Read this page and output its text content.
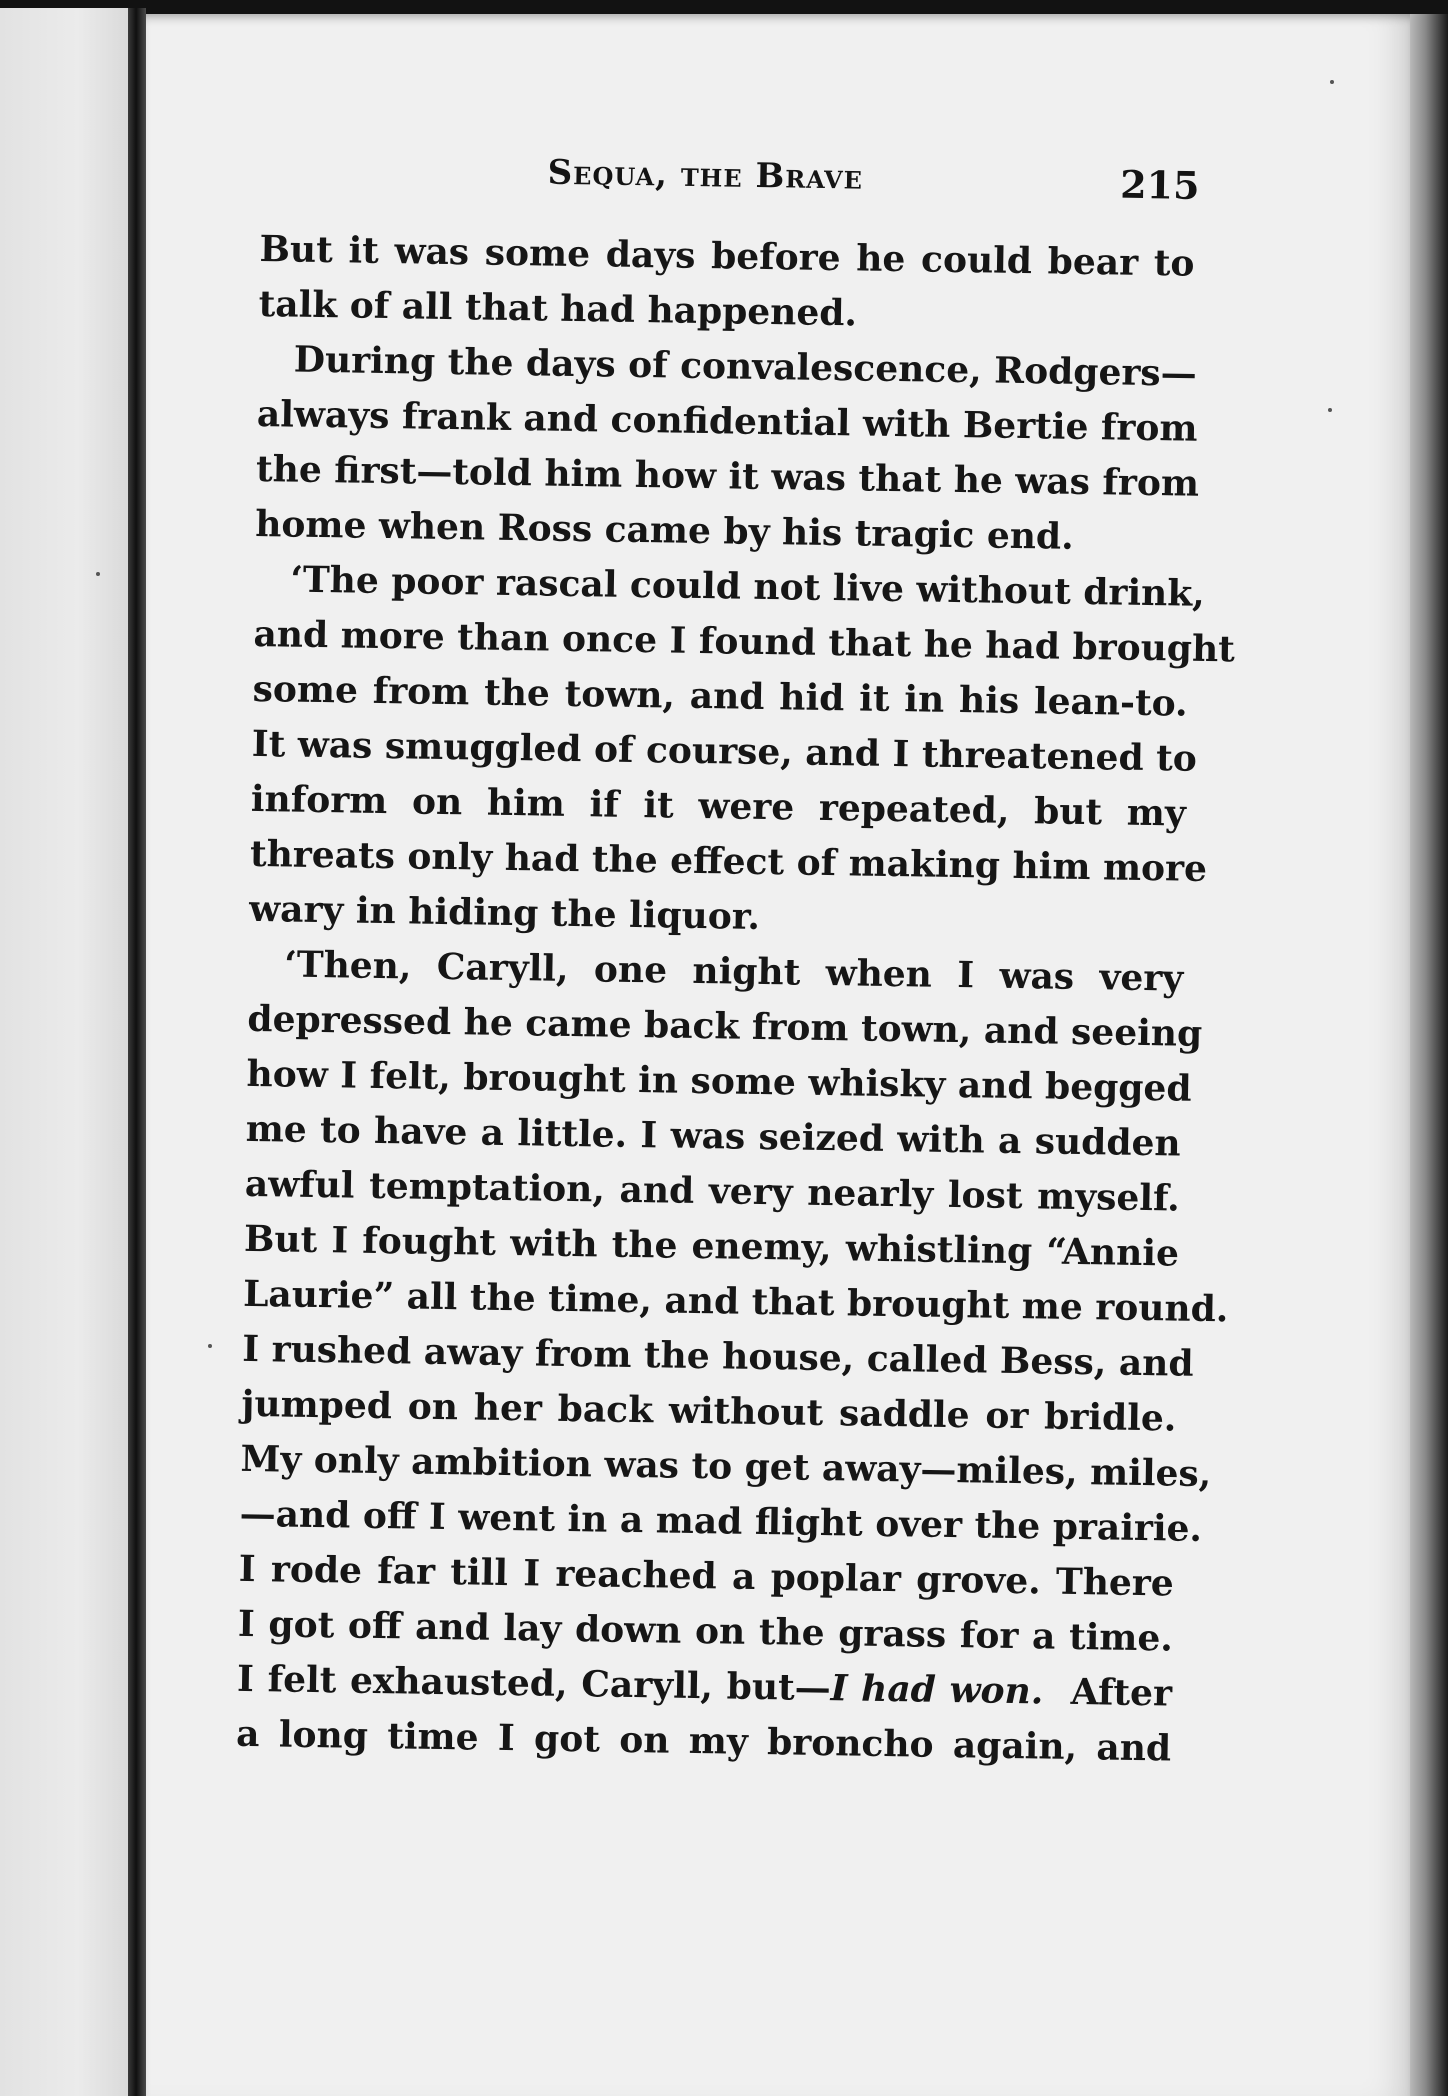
Sequa, the Brave	215
But it was some days before he could bear to
talk of all that had happened.
During the days of convalescence, Rodgers—
always frank and confidential with Bertie from
the first—told him how it was that he was from
home when Ross came by his tragic end.
‘The poor rascal could not live without drink,
and more than once I found that he had brought
some from the town, and hid it in his lean-to.
It was smuggled of course, and I threatened to
inform on him if it were repeated, but my
threats only had the effect of making him more
wary in hiding the liquor.
‘Then, Caryll, one night when I was very
depressed he came back from town, and seeing
how I felt, brought in some whisky and begged
me to have a little. I was seized with a sudden
awful temptation, and very nearly lost myself.
But I fought with the enemy, whistling “Annie
Laurie” all the time, and that brought me round.
I rushed away from the house, called Bess, and
jumped on her back without saddle or bridle.
My only ambition was to get away—miles, miles,
—and off I went in a mad flight over the prairie.
I rode far till I reached a poplar grove. There
I got off and lay down on the grass for a time.
I felt exhausted, Caryll, but—I had won.  After
a long time I got on my broncho again, and
